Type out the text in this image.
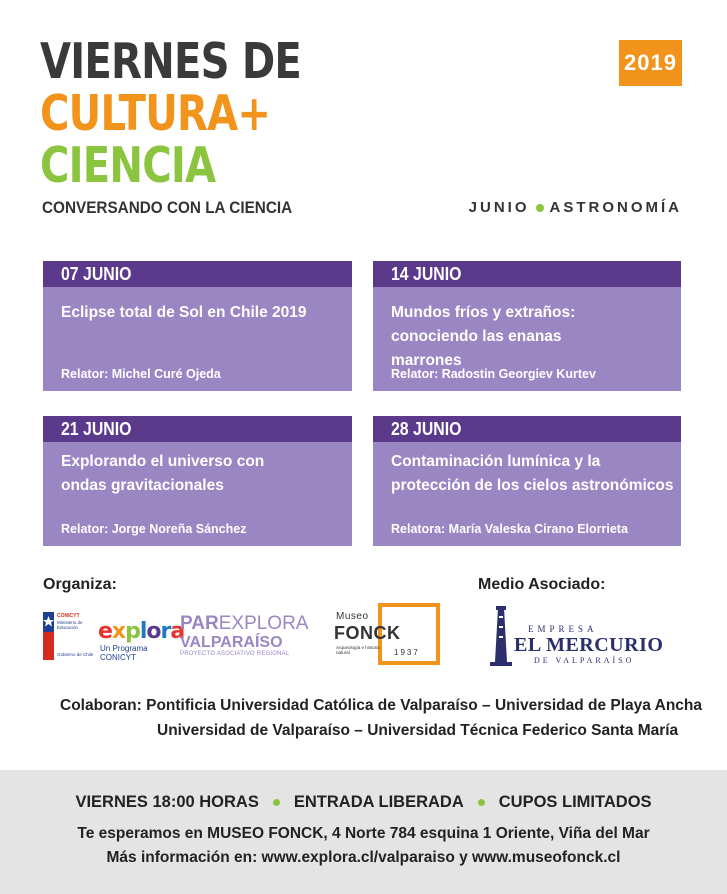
VIERNES DE
CULTURA+
CIENCIA
CONVERSANDO CON LA CIENCIA
2019
JUNIO ASTRONOMÍA
07 JUNIO
Eclipse total de Sol en Chile 2019
Relator: Michel Curé Ojeda
14 JUNIO
Mundos fríos y extraños: conociendo las enanas marrones
Relator: Radostin Georgiev Kurtev
21 JUNIO
Explorando el universo con ondas gravitacionales
Relator: Jorge Noreña Sánchez
28 JUNIO
Contaminación lumínica y la protección de los cielos astronómicos
Relatora: María Valeska Cirano Elorrieta
Organiza:	Medio Asociado:
CONICYT
Ministerio de Educación
Gobierno de Chile
explora
Un Programa CONICYT
PAREXPLORA
VALPARAÍSO
PROYECTO ASOCIATIVO REGIONAL
Museo
FONCK
Arqueología e historia natural	1937
EMPRESA
EL MERCURIO
DE VALPARAÍSO
Colaboran: Pontificia Universidad Católica de Valparaíso – Universidad de Playa Ancha
Universidad de Valparaíso – Universidad Técnica Federico Santa María
VIERNES 18:00 HORAS ENTRADA LIBERADA CUPOS LIMITADOS
Te esperamos en MUSEO FONCK, 4 Norte 784 esquina 1 Oriente, Viña del Mar
Más información en: www.explora.cl/valparaiso y www.museofonck.cl
